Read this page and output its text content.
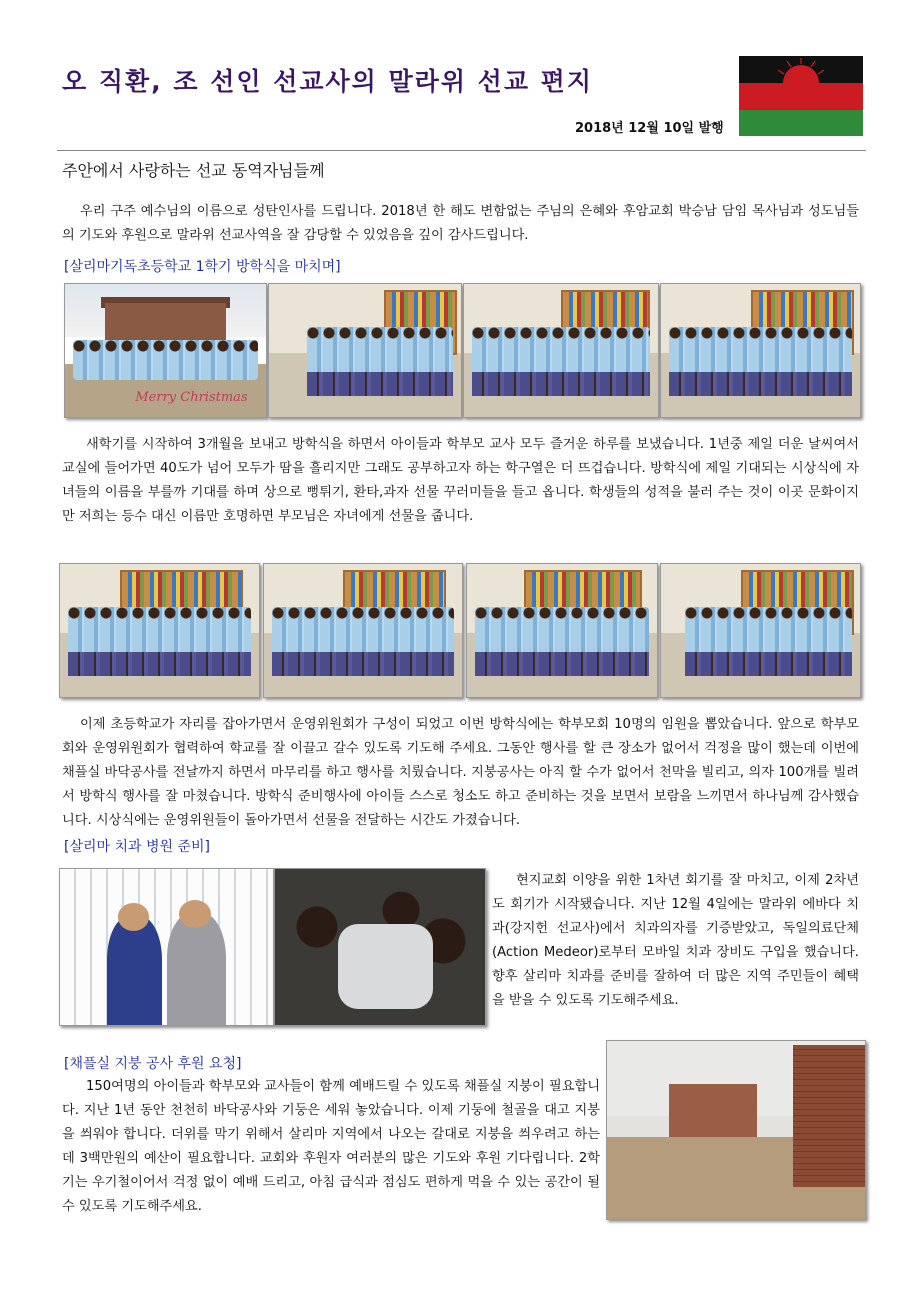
오 직환, 조 선인 선교사의 말라위 선교 편지
2018년 12월 10일 발행
주안에서 사랑하는 선교 동역자님들께

우리 구주 예수님의 이름으로 성탄인사를 드립니다. 2018년 한 해도 변함없는 주님의 은혜와 후암교회 박승남 담임 목사님과 성도님들의 기도와 후원으로 말라위 선교사역을 잘 감당할 수 있었음을 깊이 감사드립니다.

[살리마기독초등학교 1학기 방학식을 마치며]
Merry Christmas

새학기를 시작하여 3개월을 보내고 방학식을 하면서 아이들과 학부모 교사 모두 즐거운 하루를 보냈습니다. 1년중 제일 더운 날씨여서 교실에 들어가면 40도가 넘어 모두가 땀을 흘리지만 그래도 공부하고자 하는 학구열은 더 뜨겁습니다. 방학식에 제일 기대되는 시상식에 자녀들의 이름을 부를까 기대를 하며 상으로 뻥튀기, 환타,과자 선물 꾸러미들을 들고 옵니다. 학생들의 성적을 불러 주는 것이 이곳 문화이지만 저희는 등수 대신 이름만 호명하면 부모님은 자녀에게 선물을 줍니다.

이제 초등학교가 자리를 잡아가면서 운영위원회가 구성이 되었고 이번 방학식에는 학부모회 10명의 임원을 뽑았습니다. 앞으로 학부모회와 운영위원회가 협력하여 학교를 잘 이끌고 갈수 있도록 기도해 주세요. 그동안 행사를 할 큰 장소가 없어서 걱정을 많이 했는데 이번에 채플실 바닥공사를 전날까지 하면서 마무리를 하고 행사를 치뤘습니다. 지붕공사는 아직 할 수가 없어서 천막을 빌리고, 의자 100개를 빌려서 방학식 행사를 잘 마쳤습니다. 방학식 준비행사에 아이들 스스로 청소도 하고 준비하는 것을 보면서 보람을 느끼면서 하나님께 감사했습니다. 시상식에는 운영위원들이 돌아가면서 선물을 전달하는 시간도 가졌습니다.

[살리마 치과 병원 준비]

현지교회 이양을 위한 1차년 회기를 잘 마치고, 이제 2차년도 회기가 시작됐습니다. 지난 12월 4일에는 말라위 에바다 치과(강지헌 선교사)에서 치과의자를 기증받았고, 독일의료단체(Action Medeor)로부터 모바일 치과 장비도 구입을 했습니다. 향후 살리마 치과를 준비를 잘하여 더 많은 지역 주민들이 혜택을 받을 수 있도록 기도해주세요.

[채플실 지붕 공사 후원 요청]

150여명의 아이들과 학부모와 교사들이 함께 예배드릴 수 있도록 채플실 지붕이 필요합니다. 지난 1년 동안 천천히 바닥공사와 기둥은 세워 놓았습니다. 이제 기둥에 철골을 대고 지붕을 씌워야 합니다. 더위를 막기 위해서 살리마 지역에서 나오는 갈대로 지붕을 씌우려고 하는 데 3백만원의 예산이 필요합니다. 교회와 후원자 여러분의 많은 기도와 후원 기다립니다. 2학기는 우기철이어서 걱정 없이 예배 드리고, 아침 급식과 점심도 편하게 먹을 수 있는 공간이 될 수 있도록 기도해주세요.
